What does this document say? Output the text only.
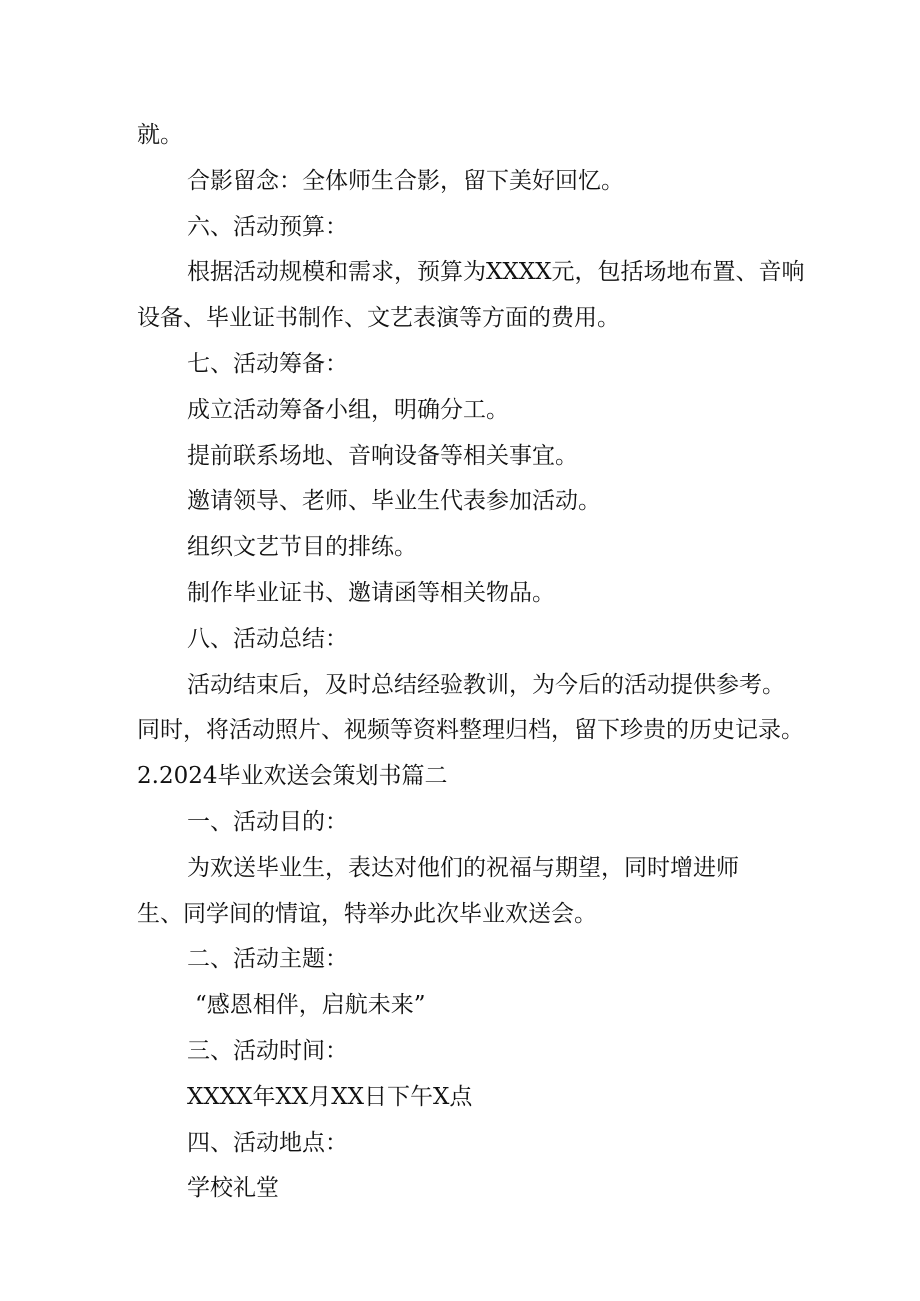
就。

合影留念：全体师生合影，留下美好回忆。

六、活动预算：

根据活动规模和需求，预算为XXXX元，包括场地布置、音响

设备、毕业证书制作、文艺表演等方面的费用。

七、活动筹备：

成立活动筹备小组，明确分工。

提前联系场地、音响设备等相关事宜。

邀请领导、老师、毕业生代表参加活动。

组织文艺节目的排练。

制作毕业证书、邀请函等相关物品。

八、活动总结：

活动结束后，及时总结经验教训，为今后的活动提供参考。

同时，将活动照片、视频等资料整理归档，留下珍贵的历史记录。

2.2024毕业欢送会策划书篇二

一、活动目的：

为欢送毕业生，表达对他们的祝福与期望，同时增进师

生、同学间的情谊，特举办此次毕业欢送会。

二、活动主题：

“感恩相伴，启航未来”

三、活动时间：

XXXX年XX月XX日下午X点

四、活动地点：

学校礼堂
